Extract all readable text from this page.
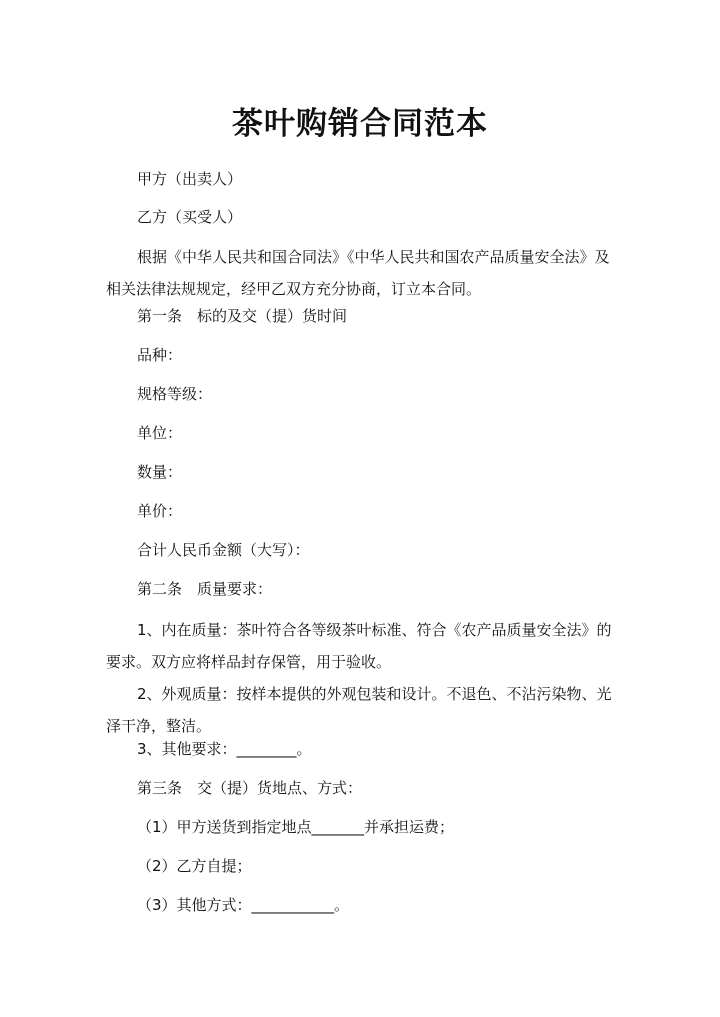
茶叶购销合同范本
甲方（出卖人）
乙方（买受人）
根据《中华人民共和国合同法》《中华人民共和国农产品质量安全法》及相关法律法规规定，经甲乙双方充分协商，订立本合同。
第一条　标的及交（提）货时间
品种：
规格等级：
单位：
数量：
单价：
合计人民币金额（大写）：
第二条　质量要求：
1、内在质量：茶叶符合各等级茶叶标准、符合《农产品质量安全法》的要求。双方应将样品封存保管，用于验收。
2、外观质量：按样本提供的外观包装和设计。不退色、不沾污染物、光泽干净，整洁。
3、其他要求：________。
第三条　交（提）货地点、方式：
（1）甲方送货到指定地点_______并承担运费；
（2）乙方自提；
（3）其他方式：___________。
